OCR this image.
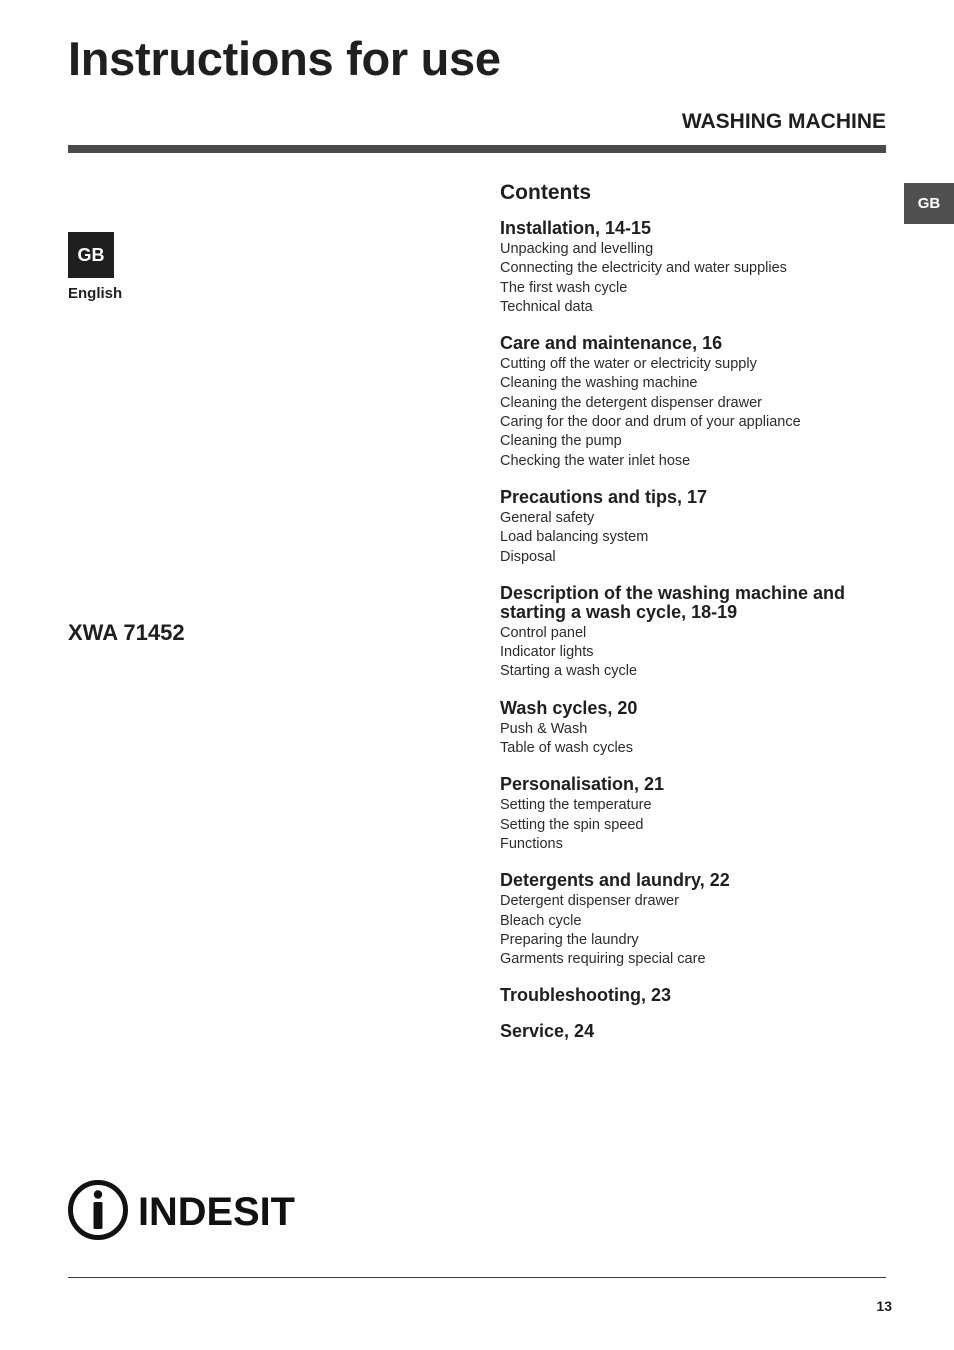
Instructions for use
WASHING MACHINE
GB
GB
English
XWA 71452
Contents
Installation, 14-15
Unpacking and levelling
Connecting the electricity and water supplies
The first wash cycle
Technical data
Care and maintenance, 16
Cutting off the water or electricity supply
Cleaning the washing machine
Cleaning the detergent dispenser drawer
Caring for the door and drum of your appliance
Cleaning the pump
Checking the water inlet hose
Precautions and tips, 17
General safety
Load balancing system
Disposal
Description of the washing machine and starting a wash cycle, 18-19
Control panel
Indicator lights
Starting a wash cycle
Wash cycles, 20
Push & Wash
Table of wash cycles
Personalisation, 21
Setting the temperature
Setting the spin speed
Functions
Detergents and laundry, 22
Detergent dispenser drawer
Bleach cycle
Preparing the laundry
Garments requiring special care
Troubleshooting, 23
Service, 24
INDESIT
13
